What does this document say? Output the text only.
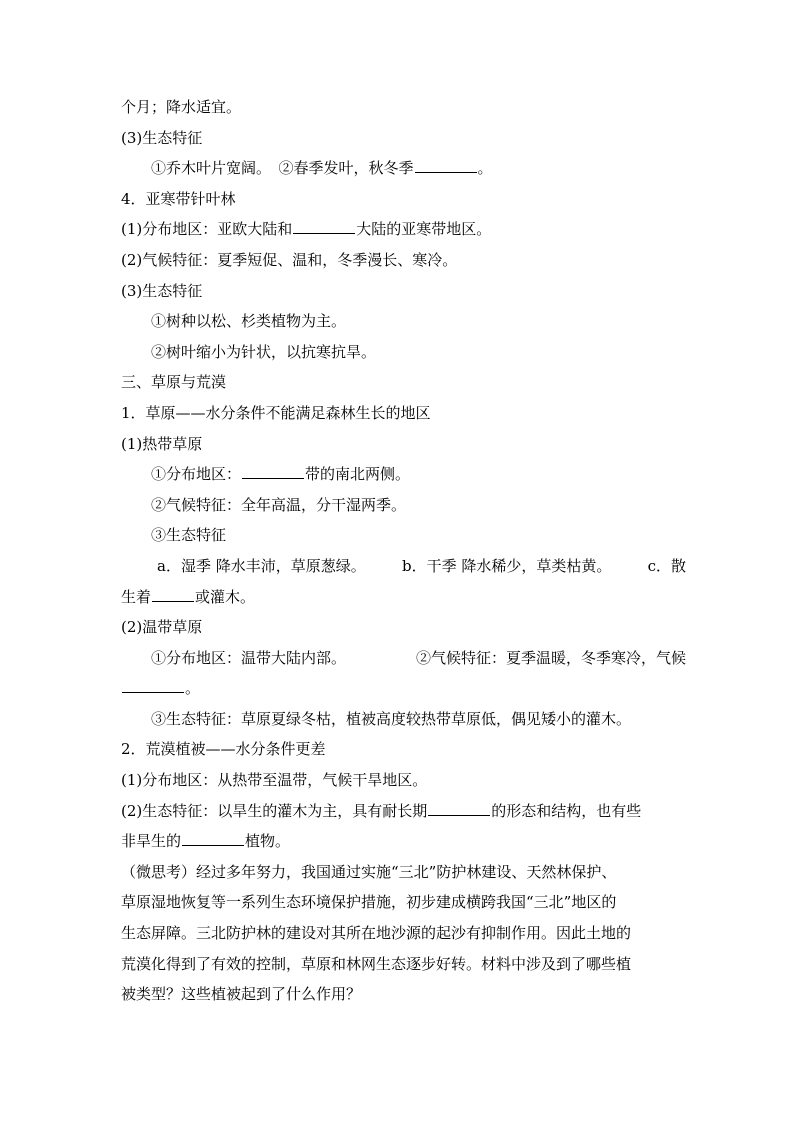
个月；降水适宜。
(3)生态特征
①乔木叶片宽阔。　②春季发叶，秋冬季	。
4．亚寒带针叶林
(1)分布地区：亚欧大陆和	大陆的亚寒带地区。
(2)气候特征：夏季短促、温和，冬季漫长、寒冷。
(3)生态特征
①树种以松、杉类植物为主。
②树叶缩小为针状，以抗寒抗旱。
三、草原与荒漠
1．草原——水分条件不能满足森林生长的地区
(1)热带草原
①分布地区：	带的南北两侧。
②气候特征：全年高温，分干湿两季。
③生态特征
a．湿季 降水丰沛，草原葱绿。 b．干季 降水稀少，草类枯黄。 c．散
生着	或灌木。
(2)温带草原
①分布地区：温带大陆内部。	②气候特征：夏季温暖，冬季寒冷，气候
。
③生态特征：草原夏绿冬枯，植被高度较热带草原低，偶见矮小的灌木。
2．荒漠植被——水分条件更差
(1)分布地区：从热带至温带，气候干旱地区。
(2)生态特征：以旱生的灌木为主，具有耐长期	的形态和结构，也有些
非旱生的	植物。
（微思考）经过多年努力，我国通过实施“三北”防护林建设、天然林保护、
草原湿地恢复等一系列生态环境保护措施，初步建成横跨我国“三北”地区的
生态屏障。三北防护林的建设对其所在地沙源的起沙有抑制作用。因此土地的
荒漠化得到了有效的控制，草原和林网生态逐步好转。材料中涉及到了哪些植
被类型？这些植被起到了什么作用？
